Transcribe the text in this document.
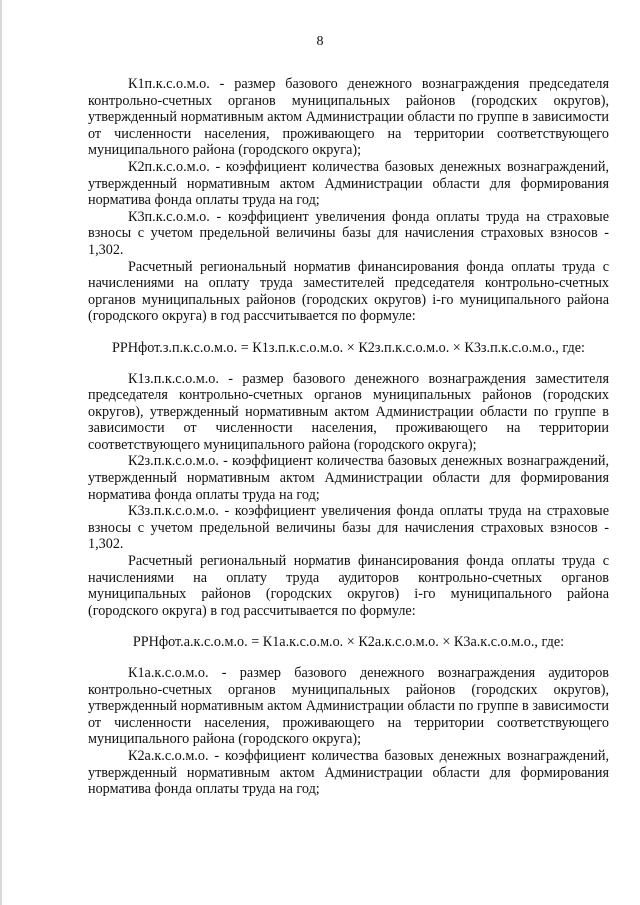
8

К1п.к.с.о.м.о. - размер базового денежного вознаграждения председателя контрольно-счетных органов муниципальных районов (городских округов), утвержденный нормативным актом Администрации области по группе в зависимости от численности населения, проживающего на территории соответствующего муниципального района (городского округа);

К2п.к.с.о.м.о. - коэффициент количества базовых денежных вознаграждений, утвержденный нормативным актом Администрации области для формирования норматива фонда оплаты труда на год;

К3п.к.с.о.м.о. - коэффициент увеличения фонда оплаты труда на страховые взносы с учетом предельной величины базы для начисления страховых взносов - 1,302.

Расчетный региональный норматив финансирования фонда оплаты труда с начислениями на оплату труда заместителей председателя контрольно-счетных органов муниципальных районов (городских округов) i-го муниципального района (городского округа) в год рассчитывается по формуле:

РРНфот.з.п.к.с.о.м.о. = К1з.п.к.с.о.м.о. × К2з.п.к.с.о.м.о. × К3з.п.к.с.о.м.о., где:

К1з.п.к.с.о.м.о. - размер базового денежного вознаграждения заместителя председателя контрольно-счетных органов муниципальных районов (городских округов), утвержденный нормативным актом Администрации области по группе в зависимости от численности населения, проживающего на территории соответствующего муниципального района (городского округа);

К2з.п.к.с.о.м.о. - коэффициент количества базовых денежных вознаграждений, утвержденный нормативным актом Администрации области для формирования норматива фонда оплаты труда на год;

К3з.п.к.с.о.м.о. - коэффициент увеличения фонда оплаты труда на страховые взносы с учетом предельной величины базы для начисления страховых взносов - 1,302.

Расчетный региональный норматив финансирования фонда оплаты труда с начислениями на оплату труда аудиторов контрольно-счетных органов муниципальных районов (городских округов) i-го муниципального района (городского округа) в год рассчитывается по формуле:

РРНфот.а.к.с.о.м.о. = К1а.к.с.о.м.о. × К2а.к.с.о.м.о. × К3а.к.с.о.м.о., где:

К1а.к.с.о.м.о. - размер базового денежного вознаграждения аудиторов контрольно-счетных органов муниципальных районов (городских округов), утвержденный нормативным актом Администрации области по группе в зависимости от численности населения, проживающего на территории соответствующего муниципального района (городского округа);

К2а.к.с.о.м.о. - коэффициент количества базовых денежных вознаграждений, утвержденный нормативным актом Администрации области для формирования норматива фонда оплаты труда на год;
